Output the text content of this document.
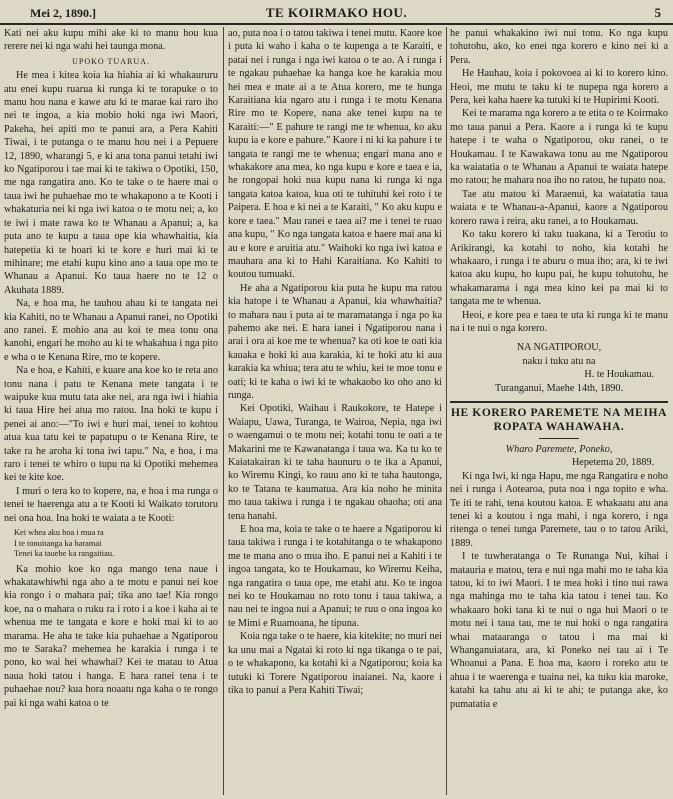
Mei 2, 1890.]	TE KOIRMAKO HOU.	5

Kati nei aku kupu mihi ake ki to manu hou kua rerere nei ki nga wahi hei taunga mona.

UPOKO TUARUA.

He mea i kitea koia ka hiahia ai ki whakaururu atu enei kupu ruarua ki runga ki te torapuke o to manu hou nana e kawe atu ki te marae kai raro iho nei te ingoa, a kia mobio hoki nga iwi Maori, Pakeha, hei apiti mo te panui ara, a Pera Kahiti Tiwai, i te putanga o te manu hou nei i a Pepuere 12, 1890, wharangi 5, e ki ana tona panui tetahi iwi ko Ngatiporou i tae mai ki te takiwa o Opotiki, 150, me nga rangatira ano. Ko te take o te haere mai o taua iwi he puhaehae mo te whakapono a te Kooti i whakaturia nei ki nga iwi katoa o te motu nei; a, ko te iwi i mate rawa ko te Whanau a Apanui; a, ka puta ano te kupu a taua ope kia whawhaitia, kia hatepetia ki te hoari ki te kore e huri mai ki te mihinare; me etahi kupu kino ano a taua ope mo te Whanau a Apanui. Ko taua haere no te 12 o Akuhata 1889.

Na, e hoa ma, he tauhou ahau ki te tangata nei kia Kahiti, no te Whanau a Apanui ranei, no Opotiki ano ranei. E mohio ana au koi te mea tonu ona kanohi, engari he moho au ki te whakahua i nga pito e wha o te Kenana Rire, mo te kopere.

Na e hoa, e Kahiti, e kuare ana koe ko te reta ano tonu nana i patu te Kenana mete tangata i te waipuke kua mutu tata ake nei, ara nga iwi i hiahia ki taua Hire hei atua mo ratou. Ina hoki te kupu i penei ai ano:—"To iwi e huri mai, tenei to kohtou atua kua tatu kei te papatupu o te Kenana Rire, te take ra he aroha ki tona iwi tapu." Na, e hoa, i ma raro i tenei te whiro o tupu na ki Opotiki mehemea kei te kite koe.

I muri o tera ko to kopere, na, e hoa i ma runga o tenei te haerenga atu a te Kooti ki Waikato torutoru nei ona hoa. Ina hoki te waiata a te Kooti:

Kei whea aku hoa i mua ra
I te tonuitanga ka haramai
Tenei ka tauehe ka rangaitiau.

Ka mohio koe ko nga mango tena naue i whakatawhiwhi nga aho a te motu e panui nei koe kia rongo i o mahara pai; tika ano tae! Kia rongo koe, na o mahara o ruku ra i roto i a koe i kaha ai te whenua me te tangata e kore e hoki mai ki to ao marama. He aha te take kia puhaehae a Ngatiporou mo te Saraka? mehemea he karakia i runga i te pono, ko wai hei whawhai? Kei te matau to Atua naua hoki tatou i hanga. E hara ranei tena i te puhaehae nou? kua hora noaatu nga kaha o te rongo pai ki nga wahi katoa o te

ao, puta noa i o tatou takiwa i tenei mutu. Kaore koe i puta ki waho i kaha o te kupenga a te Karaiti, e patai nei i runga i nga iwi katoa o te ao. A i runga i te ngakau puhaehae ka hanga koe he karakia mou hei mea e mate ai a te Atua korero, me te hunga Karaitiana kia ngaro atu i runga i te motu Kenana Rire mo te Kopere, nana ake tenei kupu na te Karaiti:—" E pahure te rangi me te whenua, ko aku kupu ia e kore e pahure." Kaore i ni ki ka pahure i te tangata te rangi me te whenua; engari mana ano e whakakore ana mea, ko nga kupu e kore e taea e ia, he rongopai hoki nua kupu nana ki runga ki nga tangata katoa katoa, kua oti te tuhituhi kei roto i te Paipera. E hoa e ki nei a te Karaiti, " Ko aku kupu e kore e taea." Mau ranei e taea ai? me i tenei te ruao ana kupu, " Ko nga tangata katoa e haere mai ana ki au e kore e aruitia atu." Waihoki ko nga iwi katoa e mauhara ana ki to Hahi Karaitiana. Ko Kahiti to koutou tumuaki.

He aha a Ngatiporou kia puta he kupu ma ratou kia hatope i te Whanau a Apanui, kia whawhaitia? to mahara nau i puta ai te maramatanga i nga po ka pahemo ake nei. E hara ianei i Ngatiporou nana i arai i ora ai koe me te whenua? ka oti koe te oati kia kauaka e hoki ki aua karakia, ki te hoki atu ki aua karakia ka whiua; tera atu te whiu, kei te moe tonu e oati; ki te kaha o iwi ki te whakaobo ko oho ano ki runga.

Kei Opotiki, Waihau i Raukokore, te Hatepe i Waiapu, Uawa, Turanga, te Wairoa, Nepia, nga iwi o waengamui o te motu nei; kotahi tonu te oati a te Makarini me te Kawanatanga i taua wa. Ka tu ko te Kaiatakairan ki te taha haunuru o te ika a Apanui, ko Wiremu Kingi, ko rauu ano ki te taha hautonga, ko te Tatana te kaumatua. Ara kia noho he minita mo taua takiwa i runga i te ngakau ohaoha; oti ana tena hanahi.

E hoa ma, koia te take o te haere a Ngatiporou ki taua takiwa i runga i te kotahitanga o te whakapono me te mana ano o mua iho. E panui nei a Kahiti i te ingoa tangata, ko te Houkamau, ko Wiremu Keiha, nga rangatira o taua ope, me etahi atu. Ko te ingoa nei ko te Houkamau no roto tonu i taua takiwa, a nau nei te ingoa nui a Apanui; te ruu o ona ingoa ko te Mimi e Ruamoana, he tipuna.

Koia nga take o te haere, kia kitekite; no muri nei ka unu mai a Ngatai ki roto ki nga tikanga o te pai, o te whakapono, ka kotahi ki a Ngatiporou; koia ka tutuki ki Torere Ngatiporou inaianei. Na, kaore i tika to panui a Pera Kahiti Tiwai;

he panui whakakino iwi nui tonu. Ko nga kupu tohutohu, ako, ko enei nga korero e kino nei ki a Pera.

He Hauhau, koia i pokovoea ai ki to korero kino. Heoi, me mutu te taku ki te nupepa nga korero a Pera, kei kaha haere ka tutuki ki te Hupirimi Kooti.

Kei te marama nga korero a te etita o te Koirmako mo taua panui a Pera. Kaore a i runga ki te kupu hatepe i te waha o Ngatiporou, oku ranei, o te Houkamau. I te Kawakawa tonu au me Ngatiporou ka waiatatia o te Whanau a Apanui te waiata hatepe mo ratou; he mahara noa iho no ratou, he tupato noa.

Tae atu matou ki Maraenui, ka waiatatia taua waiata e te Whanau-a-Apanui, kaore a Ngatiporou korero rawa i reira, aku ranei, a to Houkamau.

Ko taku korero ki taku tuakana, ki a Terotiu to Arikirangi, ka kotahi to noho, kia kotahi he whakaaro, i runga i te aburu o mua iho; ara, ki te iwi katoa aku kupu, ho kupu pai, he kupu tohutohu, he whakamarama i nga mea kino kei pa mai ki to tangata me te whenua.

Heoi, e kore pea e taea te uta ki runga ki te manu na i te nui o nga korero.

NA NGATIPOROU,

naku i tuku atu na

H. te Houkamau.

Turanganui, Maehe 14th, 1890.

HE KORERO PAREMETE NA MEIHA ROPATA WAHAWAHA.

Wharo Paremete, Poneko,

Hepetema 20, 1889.

Ki nga Iwi, ki nga Hapu, me nga Rangatira e noho nei i runga i Aotearoa, puta noa i nga topito e wha. Te iti te rahi, tena koutou katoa. E whakaatu atu ana tenei ki a koutou i nga mahi, i nga korero, i nga ritenga o tenei tunga Paremete, tau o to tatou Ariki, 1889.

I te tuwheratanga o Te Runanga Nui, kihai i matauria e matou, tera e nui nga mahi mo te taha kia tatou, ki to iwi Maori. I te mea hoki i tino nui rawa nga mahinga mo te taha kia tatou i tenei tau. Ko whakaaro hoki tana ki te nui o nga hui Maori o te motu nei i taua tau, me te nui hoki o nga rangatira whai mataaranga o tatou i ma mai ki Whanganuiatara, ara, ki Poneko nei tau ai i Te Whoanui a Pana. E hoa ma, kaoro i roreko atu te ahua i te waerenga e tuaina nei, ka tuku kia maroke, katahi ka tahu atu ai ki te ahi; te putanga ake, ko pumatatia e
